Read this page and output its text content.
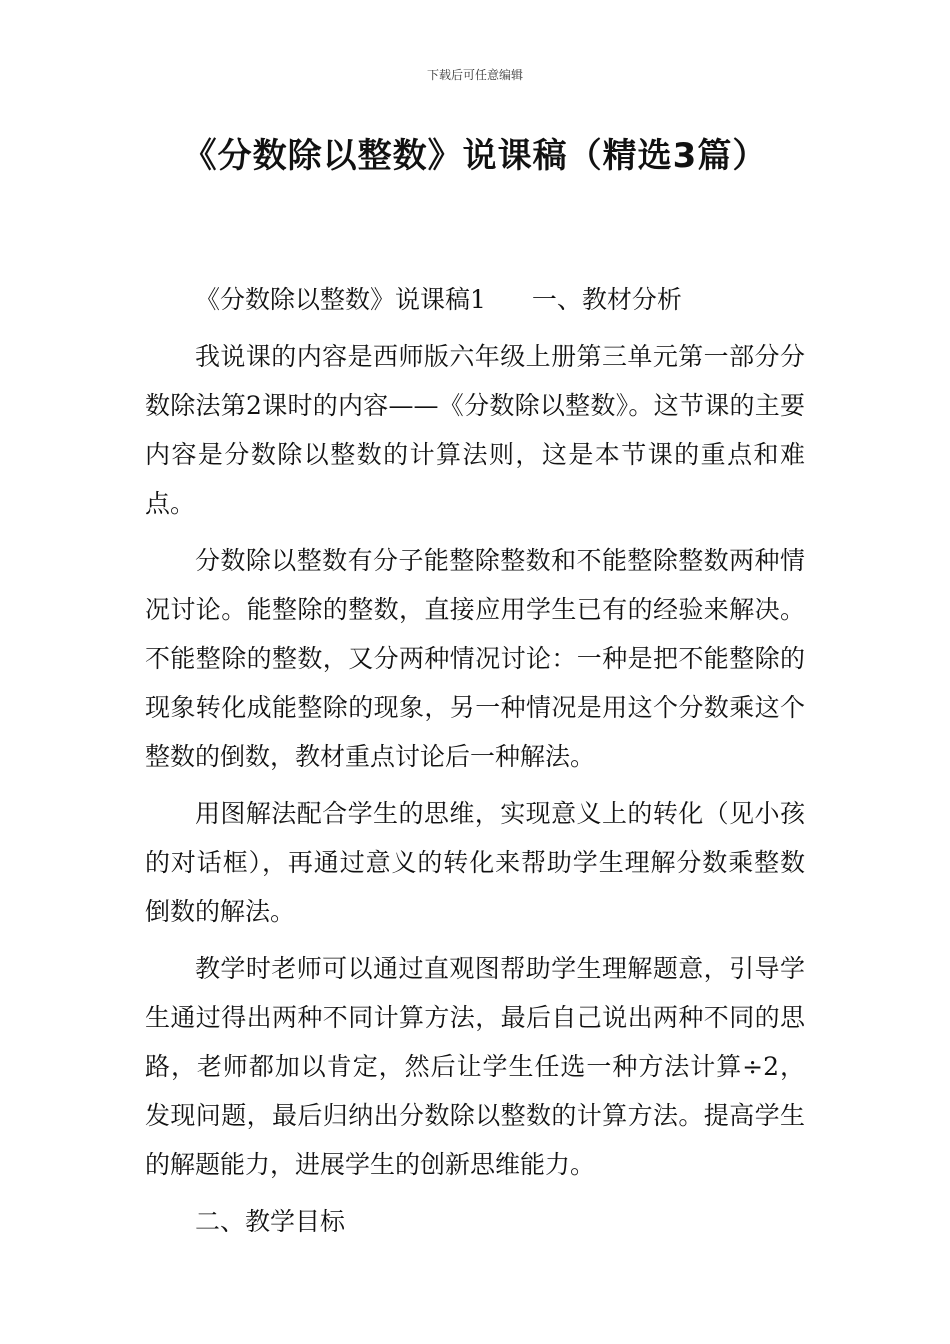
下载后可任意编辑
《分数除以整数》说课稿（精选3篇）

《分数除以整数》说课稿1 一、教材分析

我说课的内容是西师版六年级上册第三单元第一部分分数除法第2课时的内容——《分数除以整数》。这节课的主要内容是分数除以整数的计算法则，这是本节课的重点和难点。

分数除以整数有分子能整除整数和不能整除整数两种情况讨论。能整除的整数，直接应用学生已有的经验来解决。不能整除的整数，又分两种情况讨论：一种是把不能整除的现象转化成能整除的现象，另一种情况是用这个分数乘这个整数的倒数，教材重点讨论后一种解法。

用图解法配合学生的思维，实现意义上的转化（见小孩的对话框），再通过意义的转化来帮助学生理解分数乘整数倒数的解法。

教学时老师可以通过直观图帮助学生理解题意，引导学生通过得出两种不同计算方法，最后自己说出两种不同的思路，老师都加以肯定，然后让学生任选一种方法计算÷2，发现问题，最后归纳出分数除以整数的计算方法。提高学生的解题能力，进展学生的创新思维能力。

二、教学目标
